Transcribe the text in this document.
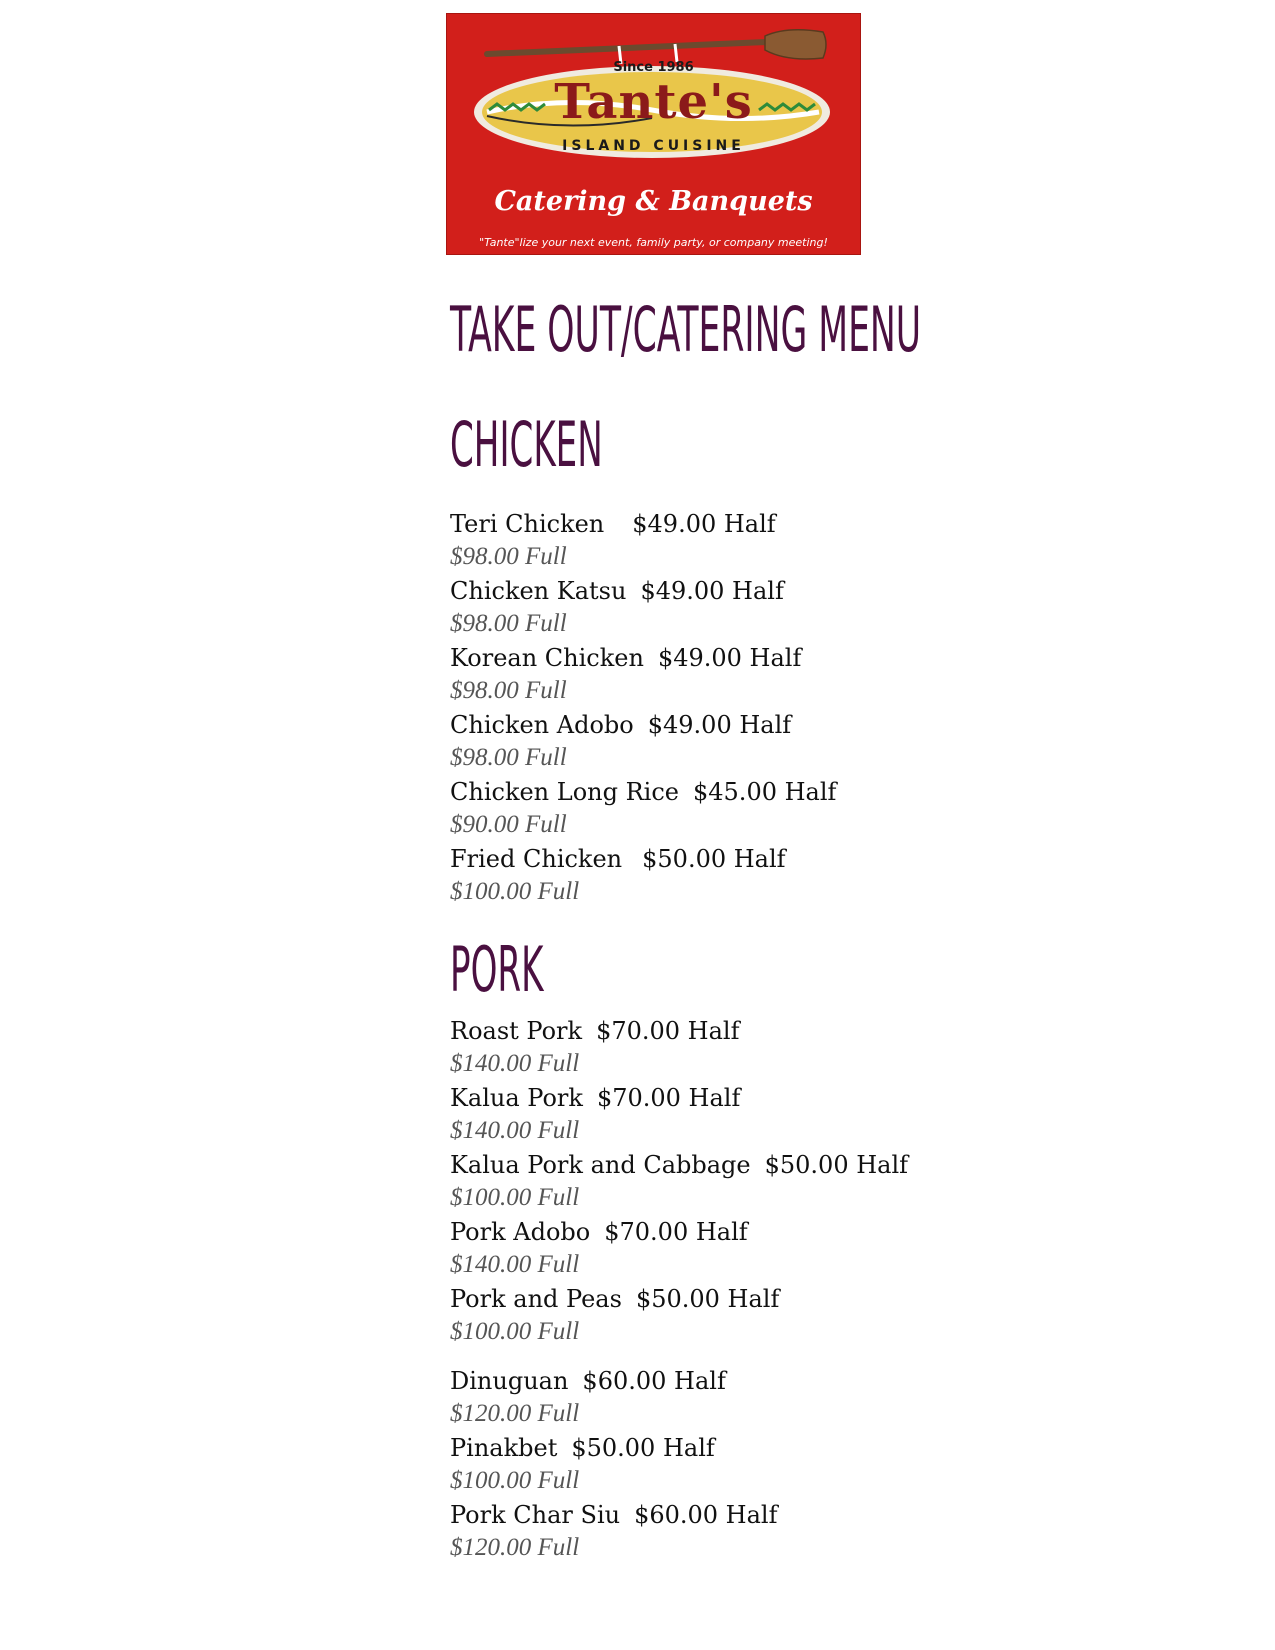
Since 1986
Tante's
ISLAND CUISINE
Catering & Banquets
"Tante"lize your next event, family party, or company meeting!
TAKE OUT/CATERING MENU
CHICKEN
Teri Chicken $49.00 Half
$98.00 Full
Chicken Katsu $49.00 Half
$98.00 Full
Korean Chicken $49.00 Half
$98.00 Full
Chicken Adobo $49.00 Half
$98.00 Full
Chicken Long Rice $45.00 Half
$90.00 Full
Fried Chicken $50.00 Half
$100.00 Full
PORK
Roast Pork $70.00 Half
$140.00 Full
Kalua Pork $70.00 Half
$140.00 Full
Kalua Pork and Cabbage $50.00 Half
$100.00 Full
Pork Adobo $70.00 Half
$140.00 Full
Pork and Peas $50.00 Half
$100.00 Full
Dinuguan $60.00 Half
$120.00 Full
Pinakbet $50.00 Half
$100.00 Full
Pork Char Siu $60.00 Half
$120.00 Full
